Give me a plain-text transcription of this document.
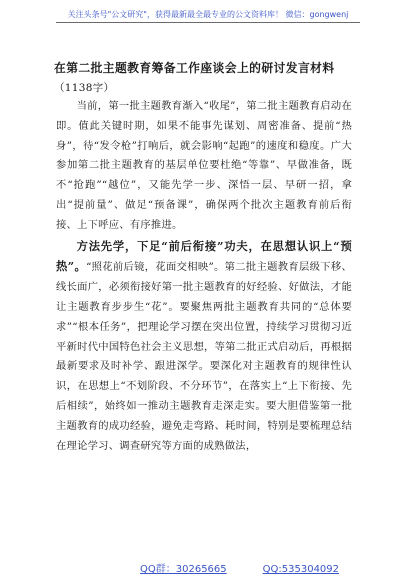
关注头条号"公文研究"，获得最新最全最专业的公文资料库！ 微信：gongwenj
在第二批主题教育筹备工作座谈会上的研讨发言材料
（1138字）

当前，第一批主题教育渐入“收尾”，第二批主题教育启动在即。值此关键时期，如果不能事先谋划、周密准备、提前“热身”，待“发令枪”打响后，就会影响“起跑”的速度和稳度。广大参加第二批主题教育的基层单位要杜绝“等靠”、早做准备，既不“抢跑”“越位”，又能先学一步、深悟一层、早研一招，拿出“提前量”、做足“预备课”，确保两个批次主题教育前后衔接、上下呼应、有序推进。

方法先学，下足“前后衔接”功夫，在思想认识上“预热”。“照花前后镜，花面交相映”。第二批主题教育层级下移、线长面广，必须衔接好第一批主题教育的好经验、好做法，才能让主题教育步步生“花”。要聚焦两批主题教育共同的“总体要求”“根本任务”，把理论学习摆在突出位置，持续学习贯彻习近平新时代中国特色社会主义思想，等第二批正式启动后，再根据最新要求及时补学、跟进深学。要深化对主题教育的规律性认识，在思想上“不划阶段、不分环节”，在落实上“上下衔接、先后相续”，始终如一推动主题教育走深走实。要大胆借鉴第一批主题教育的成功经验，避免走弯路、耗时间，特别是要梳理总结在理论学习、调查研究等方面的成熟做法，

QQ群：30265665	QQ:535304092
